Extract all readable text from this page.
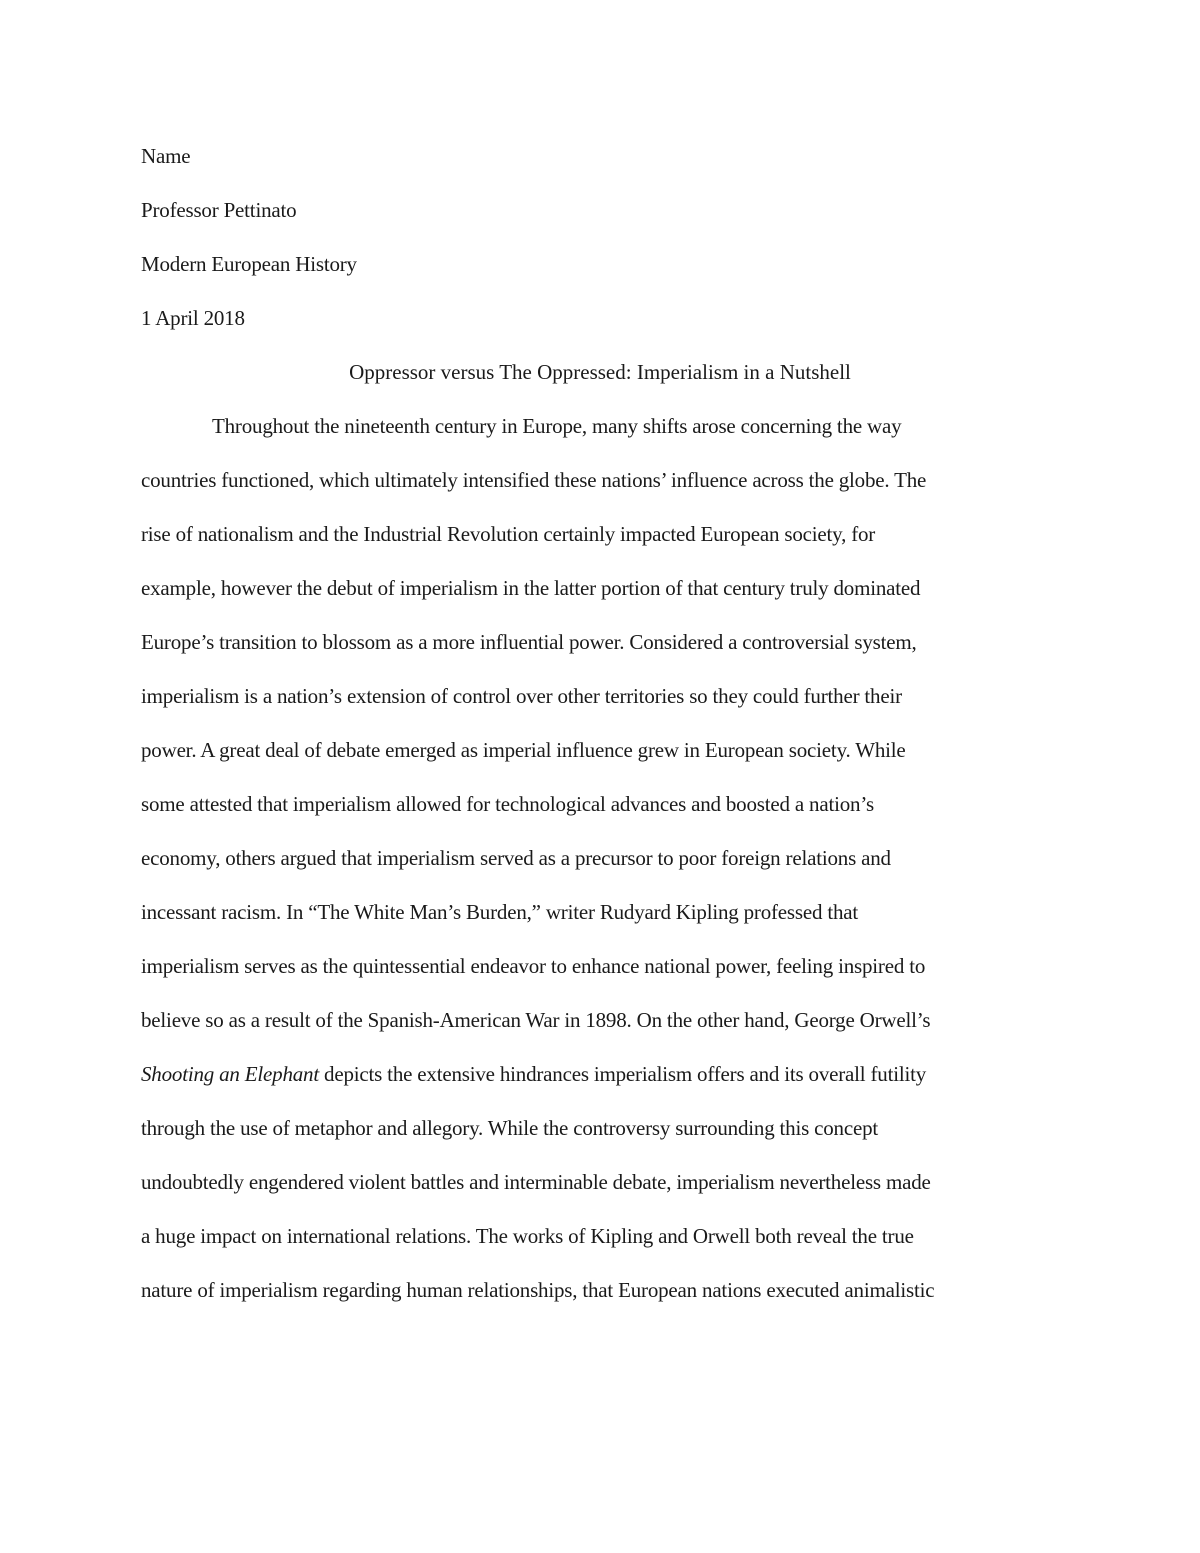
Name
Professor Pettinato
Modern European History
1 April 2018
Oppressor versus The Oppressed: Imperialism in a Nutshell
Throughout the nineteenth century in Europe, many shifts arose concerning the way
countries functioned, which ultimately intensified these nations’ influence across the globe. The
rise of nationalism and the Industrial Revolution certainly impacted European society, for
example, however the debut of imperialism in the latter portion of that century truly dominated
Europe’s transition to blossom as a more influential power. Considered a controversial system,
imperialism is a nation’s extension of control over other territories so they could further their
power. A great deal of debate emerged as imperial influence grew in European society. While
some attested that imperialism allowed for technological advances and boosted a nation’s
economy, others argued that imperialism served as a precursor to poor foreign relations and
incessant racism. In “The White Man’s Burden,” writer Rudyard Kipling professed that
imperialism serves as the quintessential endeavor to enhance national power, feeling inspired to
believe so as a result of the Spanish-American War in 1898. On the other hand, George Orwell’s
Shooting an Elephant depicts the extensive hindrances imperialism offers and its overall futility
through the use of metaphor and allegory. While the controversy surrounding this concept
undoubtedly engendered violent battles and interminable debate, imperialism nevertheless made
a huge impact on international relations. The works of Kipling and Orwell both reveal the true
nature of imperialism regarding human relationships, that European nations executed animalistic
